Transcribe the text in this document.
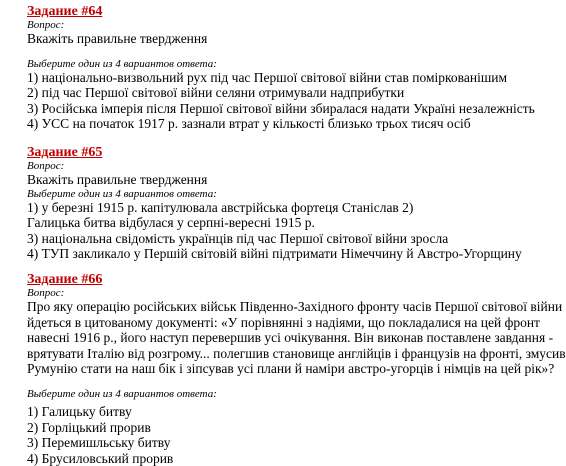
Задание #64
Вопрос:
Вкажіть правильне твердження
Выберите один из 4 вариантов ответа:
1) національно-визвольний рух під час Першої світової війни став поміркованішим
2) під час Першої світової війни селяни отримували надприбутки
3) Російська імперія після Першої світової війни збиралася надати Україні незалежність
4) УСС на початок 1917 р. зазнали втрат у кількості близько трьох тисяч осіб
Задание #65
Вопрос:
Вкажіть правильне твердження
Выберите один из 4 вариантов ответа:
1) у березні 1915 р. капітулювала австрійська фортеця Станіслав 2)
Галицька битва відбулася у серпні-вересні 1915 р.
3) національна свідомість українців під час Першої світової війни зросла
4) ТУП закликало у Першій світовій війні підтримати Німеччину й Австро-Угорщину
Задание #66
Вопрос:
Про яку операцію російських військ Південно-Західного фронту часів Першої світової війни
йдеться в цитованому документі: «У порівнянні з надіями, що покладалися на цей фронт
навесні 1916 р., його наступ перевершив усі очікування. Він виконав поставлене завдання -
врятувати Італію від розгрому... полегшив становище англійців і французів на фронті, змусив
Румунію стати на наш бік і зіпсував усі плани й наміри австро-угорців і німців на цей рік»?
Выберите один из 4 вариантов ответа:
1) Галицьку битву
2) Горліцький прорив
3) Перемишльську битву
4) Брусиловський прорив
